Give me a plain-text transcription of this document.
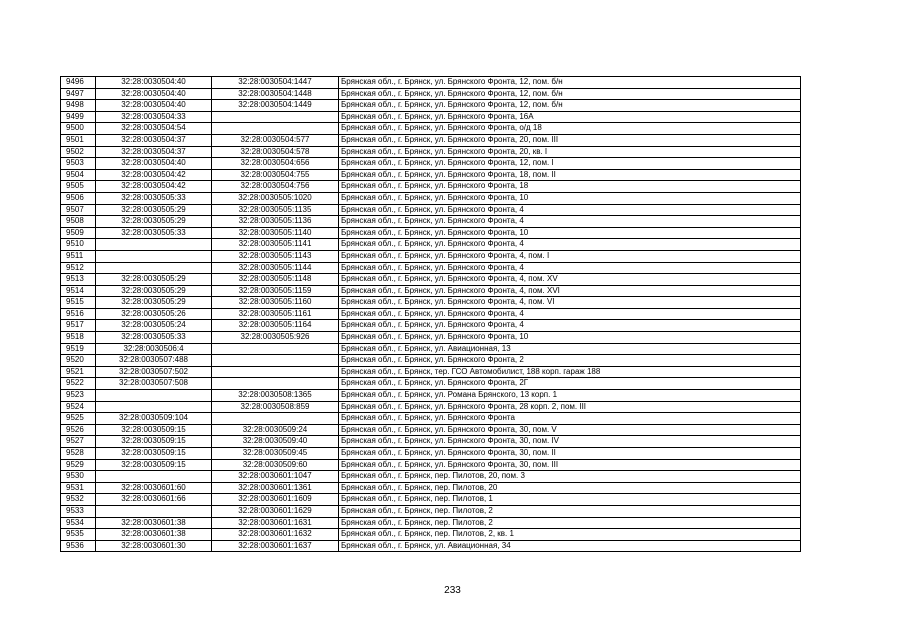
9496	32:28:0030504:40	32:28:0030504:1447	Брянская обл., г. Брянск, ул. Брянского Фронта, 12, пом. б/н
9497	32:28:0030504:40	32:28:0030504:1448	Брянская обл., г. Брянск, ул. Брянского Фронта, 12, пом. б/н
9498	32:28:0030504:40	32:28:0030504:1449	Брянская обл., г. Брянск, ул. Брянского Фронта, 12, пом. б/н
9499	32:28:0030504:33		Брянская обл., г. Брянск, ул. Брянского Фронта, 16А
9500	32:28:0030504:54		Брянская обл., г. Брянск, ул. Брянского Фронта, о/д 18
9501	32:28:0030504:37	32:28:0030504:577	Брянская обл., г. Брянск, ул. Брянского Фронта, 20, пом. III
9502	32:28:0030504:37	32:28:0030504:578	Брянская обл., г. Брянск, ул. Брянского Фронта, 20, кв. I
9503	32:28:0030504:40	32:28:0030504:656	Брянская обл., г. Брянск, ул. Брянского Фронта, 12, пом. I
9504	32:28:0030504:42	32:28:0030504:755	Брянская обл., г. Брянск, ул. Брянского Фронта, 18, пом. II
9505	32:28:0030504:42	32:28:0030504:756	Брянская обл., г. Брянск, ул. Брянского Фронта, 18
9506	32:28:0030505:33	32:28:0030505:1020	Брянская обл., г. Брянск, ул. Брянского Фронта, 10
9507	32:28:0030505:29	32:28:0030505:1135	Брянская обл., г. Брянск, ул. Брянского Фронта, 4
9508	32:28:0030505:29	32:28:0030505:1136	Брянская обл., г. Брянск, ул. Брянского Фронта, 4
9509	32:28:0030505:33	32:28:0030505:1140	Брянская обл., г. Брянск, ул. Брянского Фронта, 10
9510		32:28:0030505:1141	Брянская обл., г. Брянск, ул. Брянского Фронта, 4
9511		32:28:0030505:1143	Брянская обл., г. Брянск, ул. Брянского Фронта, 4, пом. I
9512		32:28:0030505:1144	Брянская обл., г. Брянск, ул. Брянского Фронта, 4
9513	32:28:0030505:29	32:28:0030505:1148	Брянская обл., г. Брянск, ул. Брянского Фронта, 4, пом. XV
9514	32:28:0030505:29	32:28:0030505:1159	Брянская обл., г. Брянск, ул. Брянского Фронта, 4, пом. XVI
9515	32:28:0030505:29	32:28:0030505:1160	Брянская обл., г. Брянск, ул. Брянского Фронта, 4, пом. VI
9516	32:28:0030505:26	32:28:0030505:1161	Брянская обл., г. Брянск, ул. Брянского Фронта, 4
9517	32:28:0030505:24	32:28:0030505:1164	Брянская обл., г. Брянск, ул. Брянского Фронта, 4
9518	32:28:0030505:33	32:28:0030505:926	Брянская обл., г. Брянск, ул. Брянского Фронта, 10
9519	32:28:0030506:4		Брянская обл., г. Брянск, ул. Авиационная, 13
9520	32:28:0030507:488		Брянская обл., г. Брянск, ул. Брянского Фронта, 2
9521	32:28:0030507:502		Брянская обл., г. Брянск, тер. ГСО Автомобилист, 188 корп. гараж 188
9522	32:28:0030507:508		Брянская обл., г. Брянск, ул. Брянского Фронта, 2Г
9523		32:28:0030508:1365	Брянская обл., г. Брянск, ул. Романа Брянского, 13 корп. 1
9524		32:28:0030508:859	Брянская обл., г. Брянск, ул. Брянского Фронта, 28 корп. 2, пом. III
9525	32:28:0030509:104		Брянская обл., г. Брянск, ул. Брянского Фронта
9526	32:28:0030509:15	32:28:0030509:24	Брянская обл., г. Брянск, ул. Брянского Фронта, 30, пом. V
9527	32:28:0030509:15	32:28:0030509:40	Брянская обл., г. Брянск, ул. Брянского Фронта, 30, пом. IV
9528	32:28:0030509:15	32:28:0030509:45	Брянская обл., г. Брянск, ул. Брянского Фронта, 30, пом. II
9529	32:28:0030509:15	32:28:0030509:60	Брянская обл., г. Брянск, ул. Брянского Фронта, 30, пом. III
9530		32:28:0030601:1047	Брянская обл., г. Брянск, пер. Пилотов, 20, пом. 3
9531	32:28:0030601:60	32:28:0030601:1361	Брянская обл., г. Брянск, пер. Пилотов, 20
9532	32:28:0030601:66	32:28:0030601:1609	Брянская обл., г. Брянск, пер. Пилотов, 1
9533		32:28:0030601:1629	Брянская обл., г. Брянск, пер. Пилотов, 2
9534	32:28:0030601:38	32:28:0030601:1631	Брянская обл., г. Брянск, пер. Пилотов, 2
9535	32:28:0030601:38	32:28:0030601:1632	Брянская обл., г. Брянск, пер. Пилотов, 2, кв. 1
9536	32:28:0030601:30	32:28:0030601:1637	Брянская обл., г. Брянск, ул. Авиационная, 34
233
